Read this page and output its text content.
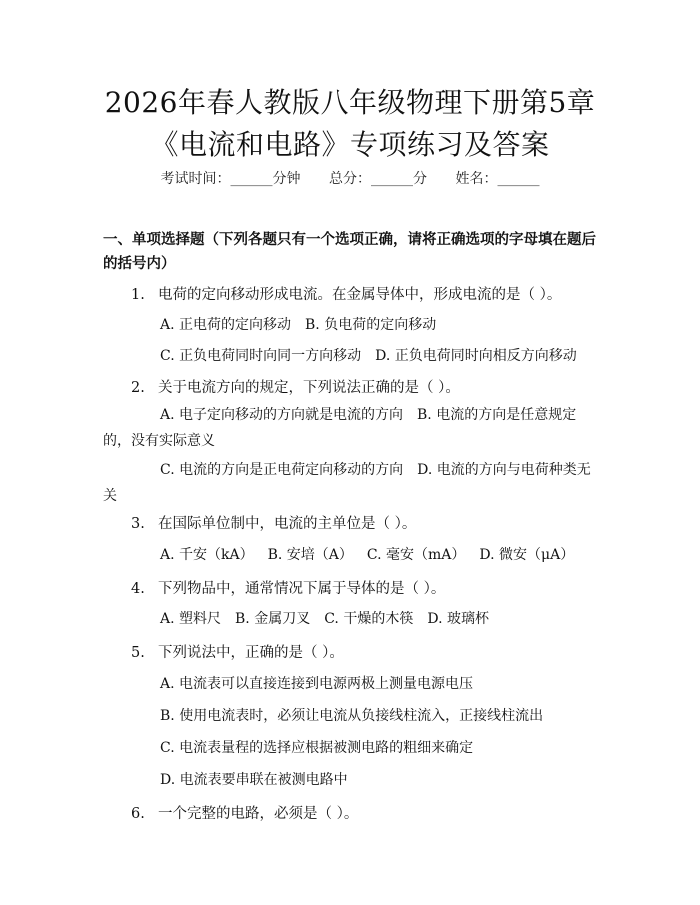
2026年春人教版八年级物理下册第5章《电流和电路》专项练习及答案
考试时间：______分钟 总分：______分 姓名：______
一、单项选择题（下列各题只有一个选项正确，请将正确选项的字母填在题后的括号内）
1. 电荷的定向移动形成电流。在金属导体中，形成电流的是（ ）。
A. 正电荷的定向移动 B. 负电荷的定向移动
C. 正负电荷同时向同一方向移动 D. 正负电荷同时向相反方向移动
2. 关于电流方向的规定，下列说法正确的是（ ）。
A. 电子定向移动的方向就是电流的方向 B. 电流的方向是任意规定的，没有实际意义
C. 电流的方向是正电荷定向移动的方向 D. 电流的方向与电荷种类无关
3. 在国际单位制中，电流的主单位是（ ）。
A. 千安（kA） B. 安培（A） C. 毫安（mA） D. 微安（μA）
4. 下列物品中，通常情况下属于导体的是（ ）。
A. 塑料尺 B. 金属刀叉 C. 干燥的木筷 D. 玻璃杯
5. 下列说法中，正确的是（ ）。
A. 电流表可以直接连接到电源两极上测量电源电压
B. 使用电流表时，必须让电流从负接线柱流入，正接线柱流出
C. 电流表量程的选择应根据被测电路的粗细来确定
D. 电流表要串联在被测电路中
6. 一个完整的电路，必须是（ ）。
